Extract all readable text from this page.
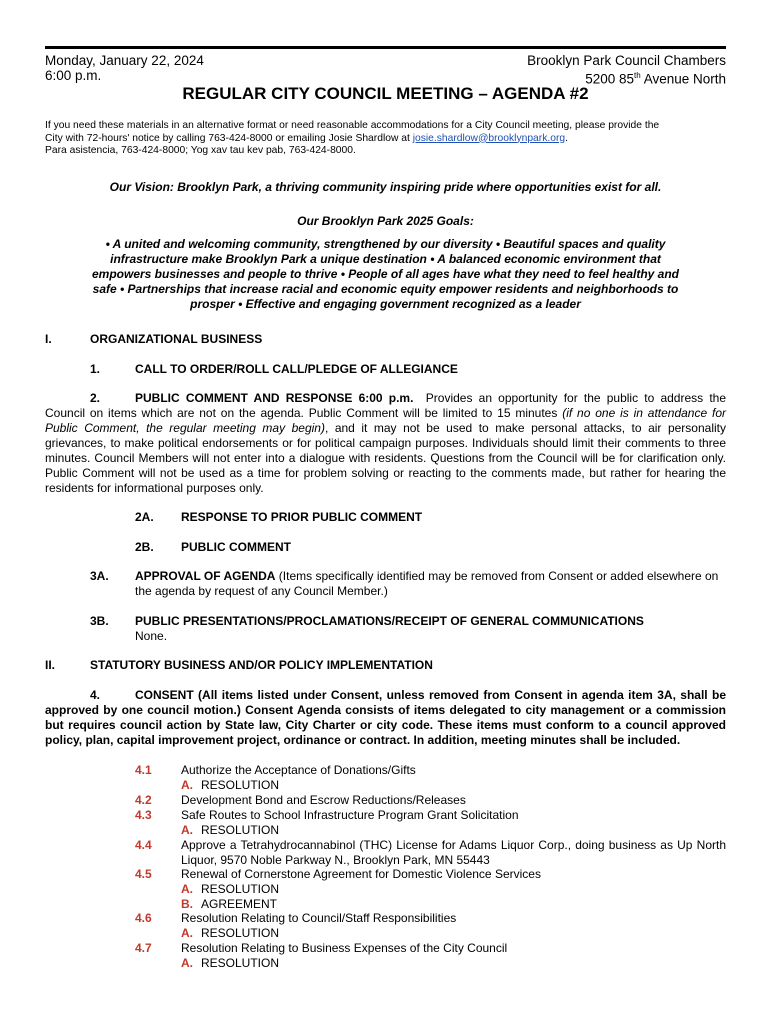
Monday, January 22, 2024
6:00 p.m.
Brooklyn Park Council Chambers
5200 85th Avenue North
REGULAR CITY COUNCIL MEETING – AGENDA #2
If you need these materials in an alternative format or need reasonable accommodations for a City Council meeting, please provide the
City with 72-hours' notice by calling 763-424-8000 or emailing Josie Shardlow at josie.shardlow@brooklynpark.org.
Para asistencia, 763-424-8000; Yog xav tau kev pab, 763-424-8000.
Our Vision: Brooklyn Park, a thriving community inspiring pride where opportunities exist for all.
Our Brooklyn Park 2025 Goals:
• A united and welcoming community, strengthened by our diversity • Beautiful spaces and quality infrastructure make Brooklyn Park a unique destination • A balanced economic environment that empowers businesses and people to thrive • People of all ages have what they need to feel healthy and safe • Partnerships that increase racial and economic equity empower residents and neighborhoods to prosper • Effective and engaging government recognized as a leader
I.	ORGANIZATIONAL BUSINESS
1.	CALL TO ORDER/ROLL CALL/PLEDGE OF ALLEGIANCE
2.	PUBLIC COMMENT AND RESPONSE 6:00 p.m. Provides an opportunity for the public to address the Council on items which are not on the agenda. Public Comment will be limited to 15 minutes (if no one is in attendance for Public Comment, the regular meeting may begin), and it may not be used to make personal attacks, to air personality grievances, to make political endorsements or for political campaign purposes. Individuals should limit their comments to three minutes. Council Members will not enter into a dialogue with residents. Questions from the Council will be for clarification only. Public Comment will not be used as a time for problem solving or reacting to the comments made, but rather for hearing the residents for informational purposes only.
2A. RESPONSE TO PRIOR PUBLIC COMMENT
2B. PUBLIC COMMENT
3A. APPROVAL OF AGENDA (Items specifically identified may be removed from Consent or added elsewhere on the agenda by request of any Council Member.)
3B. PUBLIC PRESENTATIONS/PROCLAMATIONS/RECEIPT OF GENERAL COMMUNICATIONS
None.
II.	STATUTORY BUSINESS AND/OR POLICY IMPLEMENTATION
4.	CONSENT (All items listed under Consent, unless removed from Consent in agenda item 3A, shall be approved by one council motion.) Consent Agenda consists of items delegated to city management or a commission but requires council action by State law, City Charter or city code. These items must conform to a council approved policy, plan, capital improvement project, ordinance or contract. In addition, meeting minutes shall be included.
4.1 Authorize the Acceptance of Donations/Gifts
A. RESOLUTION
4.2 Development Bond and Escrow Reductions/Releases
4.3 Safe Routes to School Infrastructure Program Grant Solicitation
A. RESOLUTION
4.4 Approve a Tetrahydrocannabinol (THC) License for Adams Liquor Corp., doing business as Up North Liquor, 9570 Noble Parkway N., Brooklyn Park, MN 55443
4.5 Renewal of Cornerstone Agreement for Domestic Violence Services
A. RESOLUTION
B. AGREEMENT
4.6 Resolution Relating to Council/Staff Responsibilities
A. RESOLUTION
4.7 Resolution Relating to Business Expenses of the City Council
A. RESOLUTION
